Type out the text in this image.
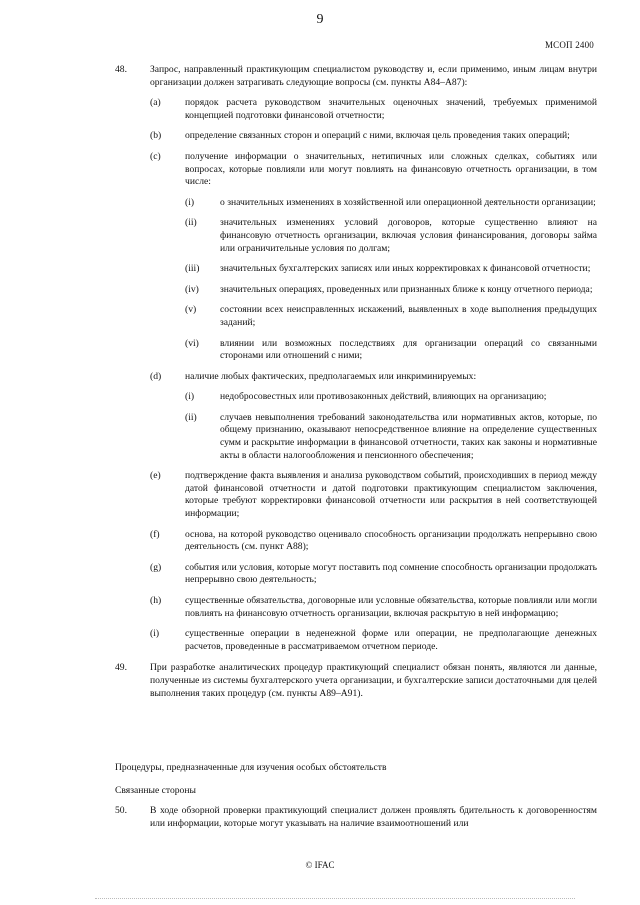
9
МСОП 2400
48. Запрос, направленный практикующим специалистом руководству и, если применимо, иным лицам внутри организации должен затрагивать следующие вопросы (см. пункты A84–A87):
(a)	порядок расчета руководством значительных оценочных значений, требуемых применимой концепцией подготовки финансовой отчетности;
(b) определение связанных сторон и операций с ними, включая цель проведения таких операций;
(c)	получение информации о значительных, нетипичных или сложных сделках, событиях или вопросах, которые повлияли или могут повлиять на финансовую отчетность организации, в том числе:
(i)	о значительных изменениях в хозяйственной или операционной деятельности организации;
(ii) значительных изменениях условий договоров, которые существенно влияют на финансовую отчетность организации, включая условия финансирования, договоры займа или ограничительные условия по долгам;
(iii) значительных бухгалтерских записях или иных корректировках к финансовой отчетности;
(iv) значительных операциях, проведенных или признанных ближе к концу отчетного периода;
(v) состоянии всех неисправленных искажений, выявленных в ходе выполнения предыдущих заданий;
(vi) влиянии или возможных последствиях для организации операций со связанными сторонами или отношений с ними;
(d) наличие любых фактических, предполагаемых или инкриминируемых:
(i)	недобросовестных или противозаконных действий, влияющих на организацию;
(ii) случаев невыполнения требований законодательства или нормативных актов, которые, по общему признанию, оказывают непосредственное влияние на определение существенных сумм и раскрытие информации в финансовой отчетности, таких как законы и нормативные акты в области налогообложения и пенсионного обеспечения;
(e)	подтверждение факта выявления и анализа руководством событий, происходивших в период между датой финансовой отчетности и датой подготовки практикующим специалистом заключения, которые требуют корректировки финансовой отчетности или раскрытия в ней соответствующей информации;
(f)	основа, на которой руководство оценивало способность организации продолжать непрерывно свою деятельность (см. пункт A88);
(g) события или условия, которые могут поставить под сомнение способность организации продолжать непрерывно свою деятельность;
(h) существенные обязательства, договорные или условные обязательства, которые повлияли или могли повлиять на финансовую отчетность организации, включая раскрытую в ней информацию;
(i)	существенные операции в неденежной форме или операции, не предполагающие денежных расчетов, проведенные в рассматриваемом отчетном периоде.
49. При разработке аналитических процедур практикующий специалист обязан понять, являются ли данные, полученные из системы бухгалтерского учета организации, и бухгалтерские записи достаточными для целей выполнения таких процедур (см. пункты A89–A91).
Процедуры, предназначенные для изучения особых обстоятельств
Связанные стороны
50. В ходе обзорной проверки практикующий специалист должен проявлять бдительность к договоренностям или информации, которые могут указывать на наличие взаимоотношений или
© IFAC
